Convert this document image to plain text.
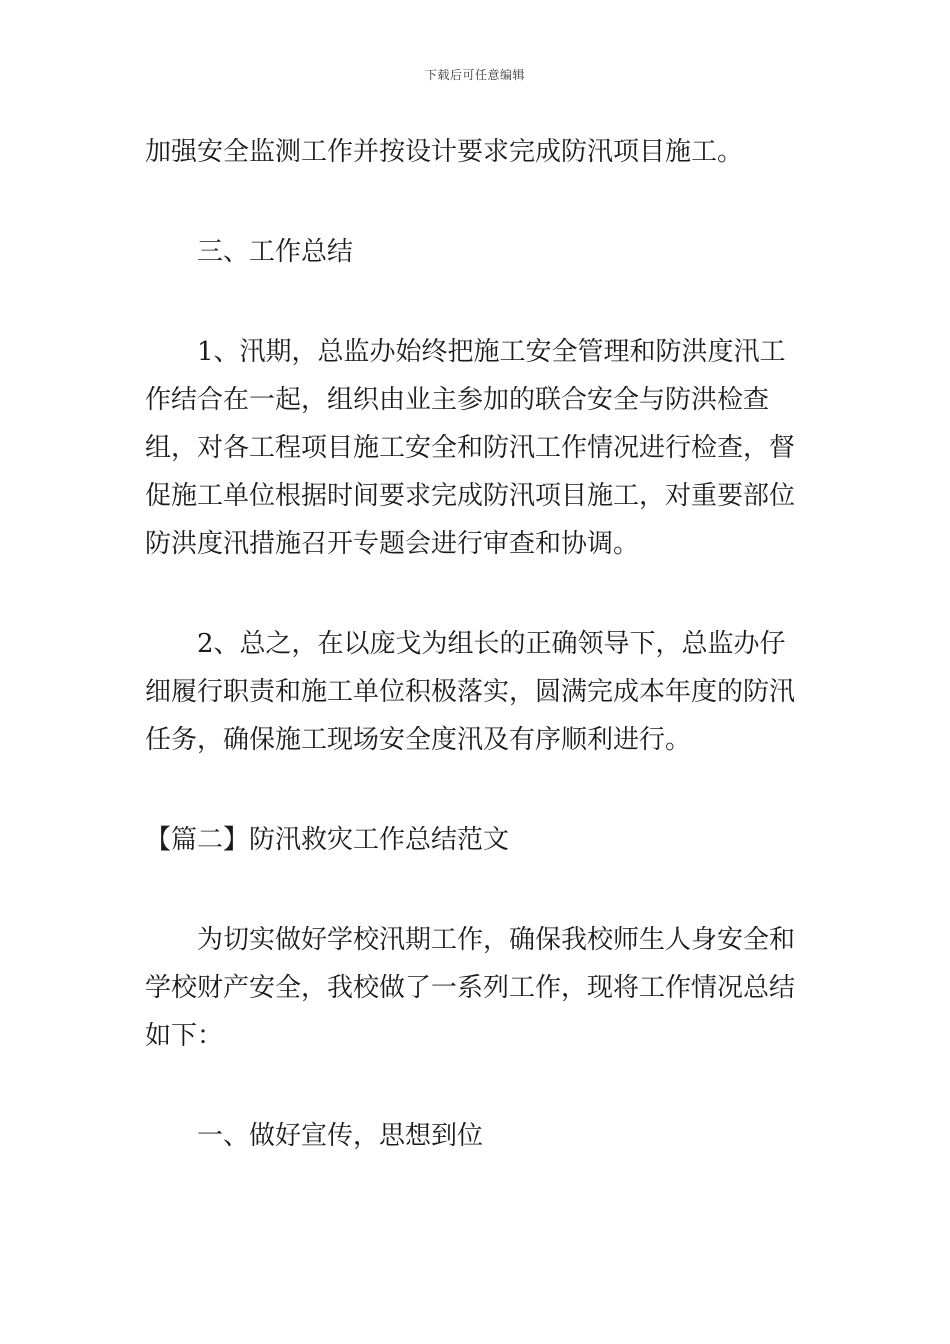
下载后可任意编辑

加强安全监测工作并按设计要求完成防汛项目施工。

三、工作总结

1、汛期，总监办始终把施工安全管理和防洪度汛工作结合在一起，组织由业主参加的联合安全与防洪检查组，对各工程项目施工安全和防汛工作情况进行检查，督促施工单位根据时间要求完成防汛项目施工，对重要部位防洪度汛措施召开专题会进行审查和协调。

2、总之，在以庞戈为组长的正确领导下，总监办仔细履行职责和施工单位积极落实，圆满完成本年度的防汛任务，确保施工现场安全度汛及有序顺利进行。

【篇二】防汛救灾工作总结范文

为切实做好学校汛期工作，确保我校师生人身安全和学校财产安全，我校做了一系列工作，现将工作情况总结如下：

一、做好宣传，思想到位
